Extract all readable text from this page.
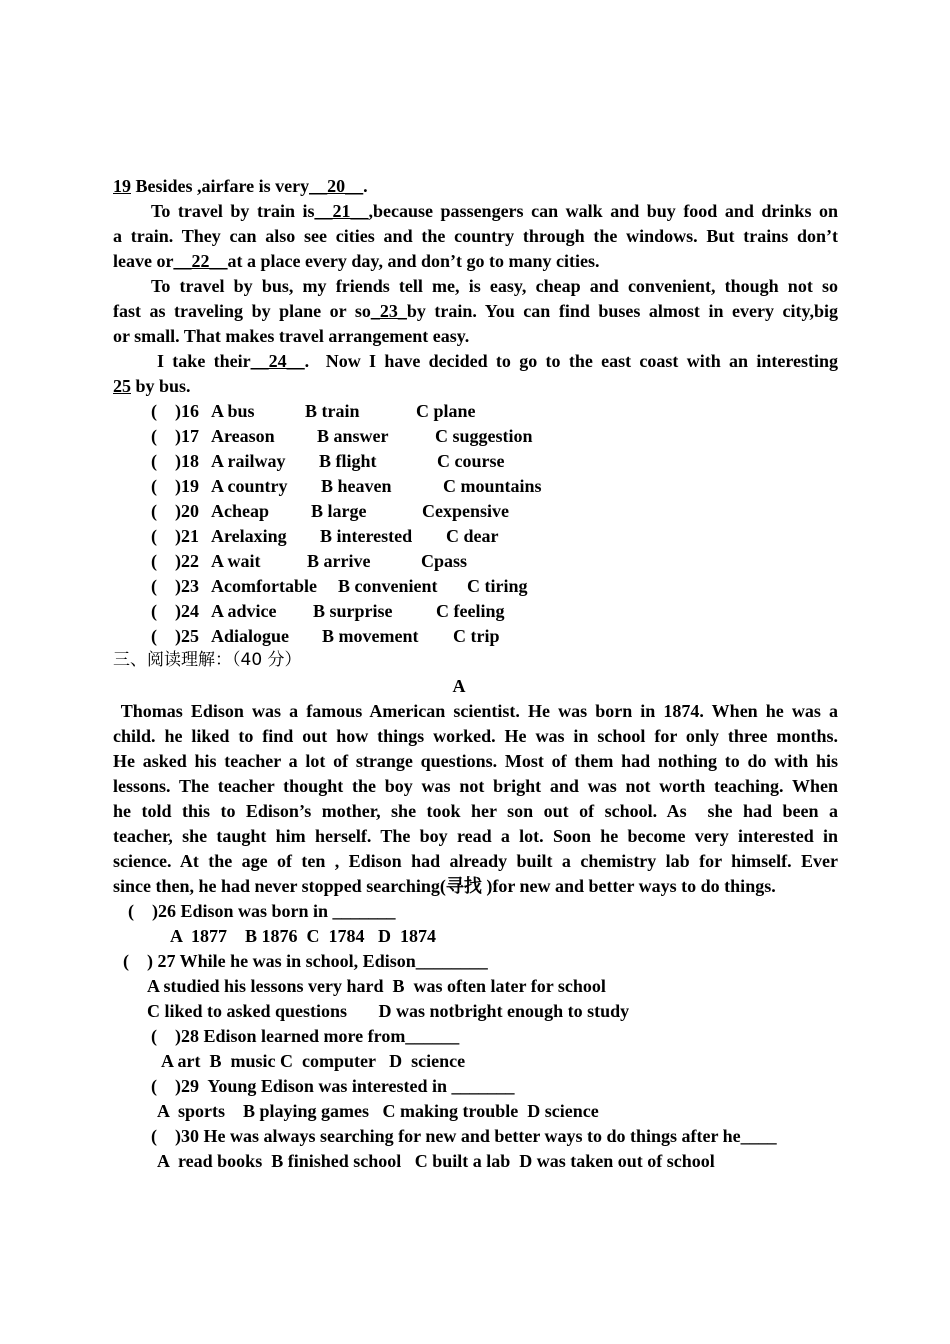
19 Besides ,airfare is very__20__.
To travel by train is__21__,because passengers can walk and buy food and drinks on
a train. They can also see cities and the country through the windows. But trains don’t
leave or__22__at a place every day, and don’t go to many cities.
To travel by bus, my friends tell me, is easy, cheap and convenient, though not so
fast as traveling by plane or so_23_by train. You can find buses almost in every city,big
or small. That makes travel arrangement easy.
I take their__24__.  Now I have decided to go to the east coast with an interesting
25 by bus.
(    )16 A bus	B train	C plane
(    )17 Areason B answer	C suggestion
(    )18 A railway B flight	C course
(    )19 A country B heaven	C mountains
(    )20 Acheap B large	Cexpensive
(    )21 Arelaxing B interested C dear
(    )22 A wait	B arrive	Cpass
(    )23 Acomfortable B convenient C tiring
(    )24 A advice B surprise C feeling
(    )25 Adialogue B movement C trip
三、阅读理解：（40 分）
A
Thomas Edison was a famous American scientist. He was born in 1874. When he was a
child. he liked to find out how things worked. He was in school for only three months.
He asked his teacher a lot of strange questions. Most of them had nothing to do with his
lessons. The teacher thought the boy was not bright and was not worth teaching. When
he told this to Edison’s mother, she took her son out of school. As  she had been a
teacher, she taught him herself. The boy read a lot. Soon he become very interested in
science. At the age of ten , Edison had already built a chemistry lab for himself. Ever
since then, he had never stopped searching(寻找 )for new and better ways to do things.
(    )26 Edison was born in _______
A  1877    B 1876  C  1784   D  1874
(    ) 27 While he was in school, Edison________
A studied his lessons very hard  B  was often later for school
C liked to asked questions       D was notbright enough to study
(    )28 Edison learned more from______
A art  B  music C  computer   D  science
(    )29  Young Edison was interested in _______
A  sports    B playing games   C making trouble  D science
(    )30 He was always searching for new and better ways to do things after he____
A  read books  B finished school   C built a lab  D was taken out of school
